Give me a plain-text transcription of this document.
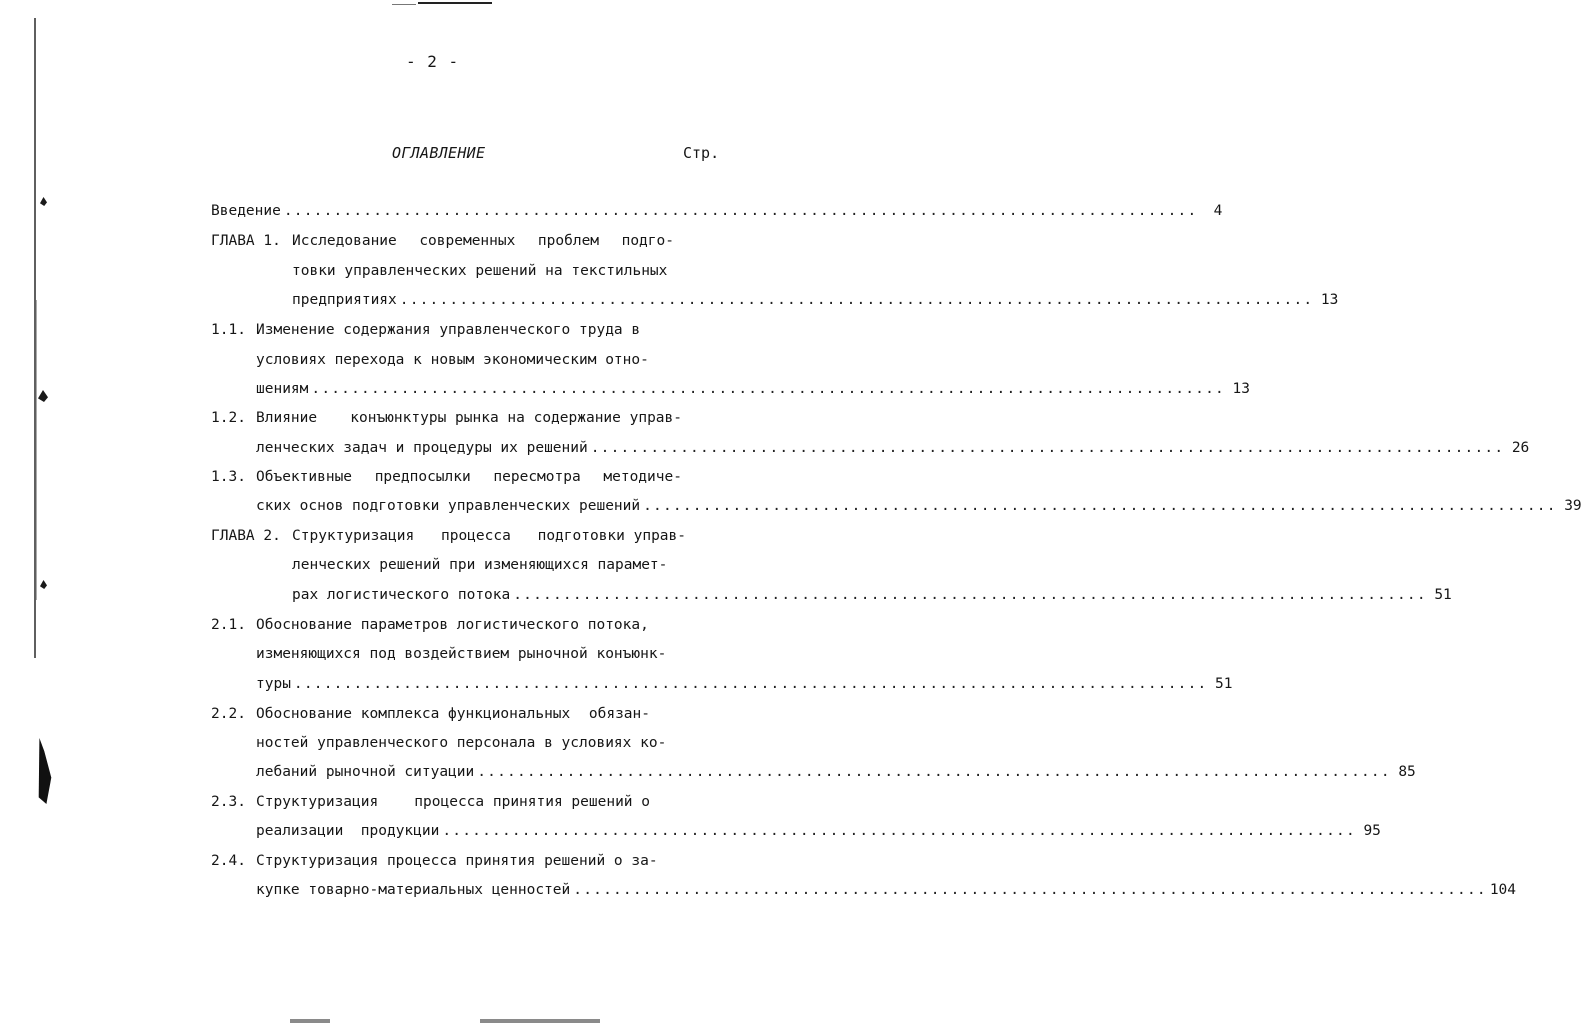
- 2 -
ОГЛАВЛЕНИЕ	Стр.
Введение ............................................................................................	4
ГЛАВА 1. Исследование современных проблем подго-
товки управленческих решений на текстильных
предприятиях ............................................................................................ 13
1.1. Изменение содержания управленческого труда в
условиях перехода к новым экономическим отно-
шениям ............................................................................................ 13
1.2. Влияние конъюнктуры рынка на содержание управ-
ленческих задач и процедуры их решений ............................................................................................ 26
1.3. Объективные предпосылки пересмотра методиче-
ских основ подготовки управленческих решений ............................................................................................ 39
ГЛАВА 2. Структуризация процесса подготовки управ-
ленческих решений при изменяющихся парамет-
рах логистического потока ............................................................................................ 51
2.1. Обоснование параметров логистического потока,
изменяющихся под воздействием рыночной конъюнк-
туры ............................................................................................ 51
2.2. Обоснование комплекса функциональных обязан-
ностей управленческого персонала в условиях ко-
лебаний рыночной ситуации ............................................................................................ 85
2.3. Структуризация процесса принятия решений о
реализации продукции ............................................................................................ 95
2.4. Структуризация процесса принятия решений о за-
купке товарно-материальных ценностей ............................................................................................ 104
